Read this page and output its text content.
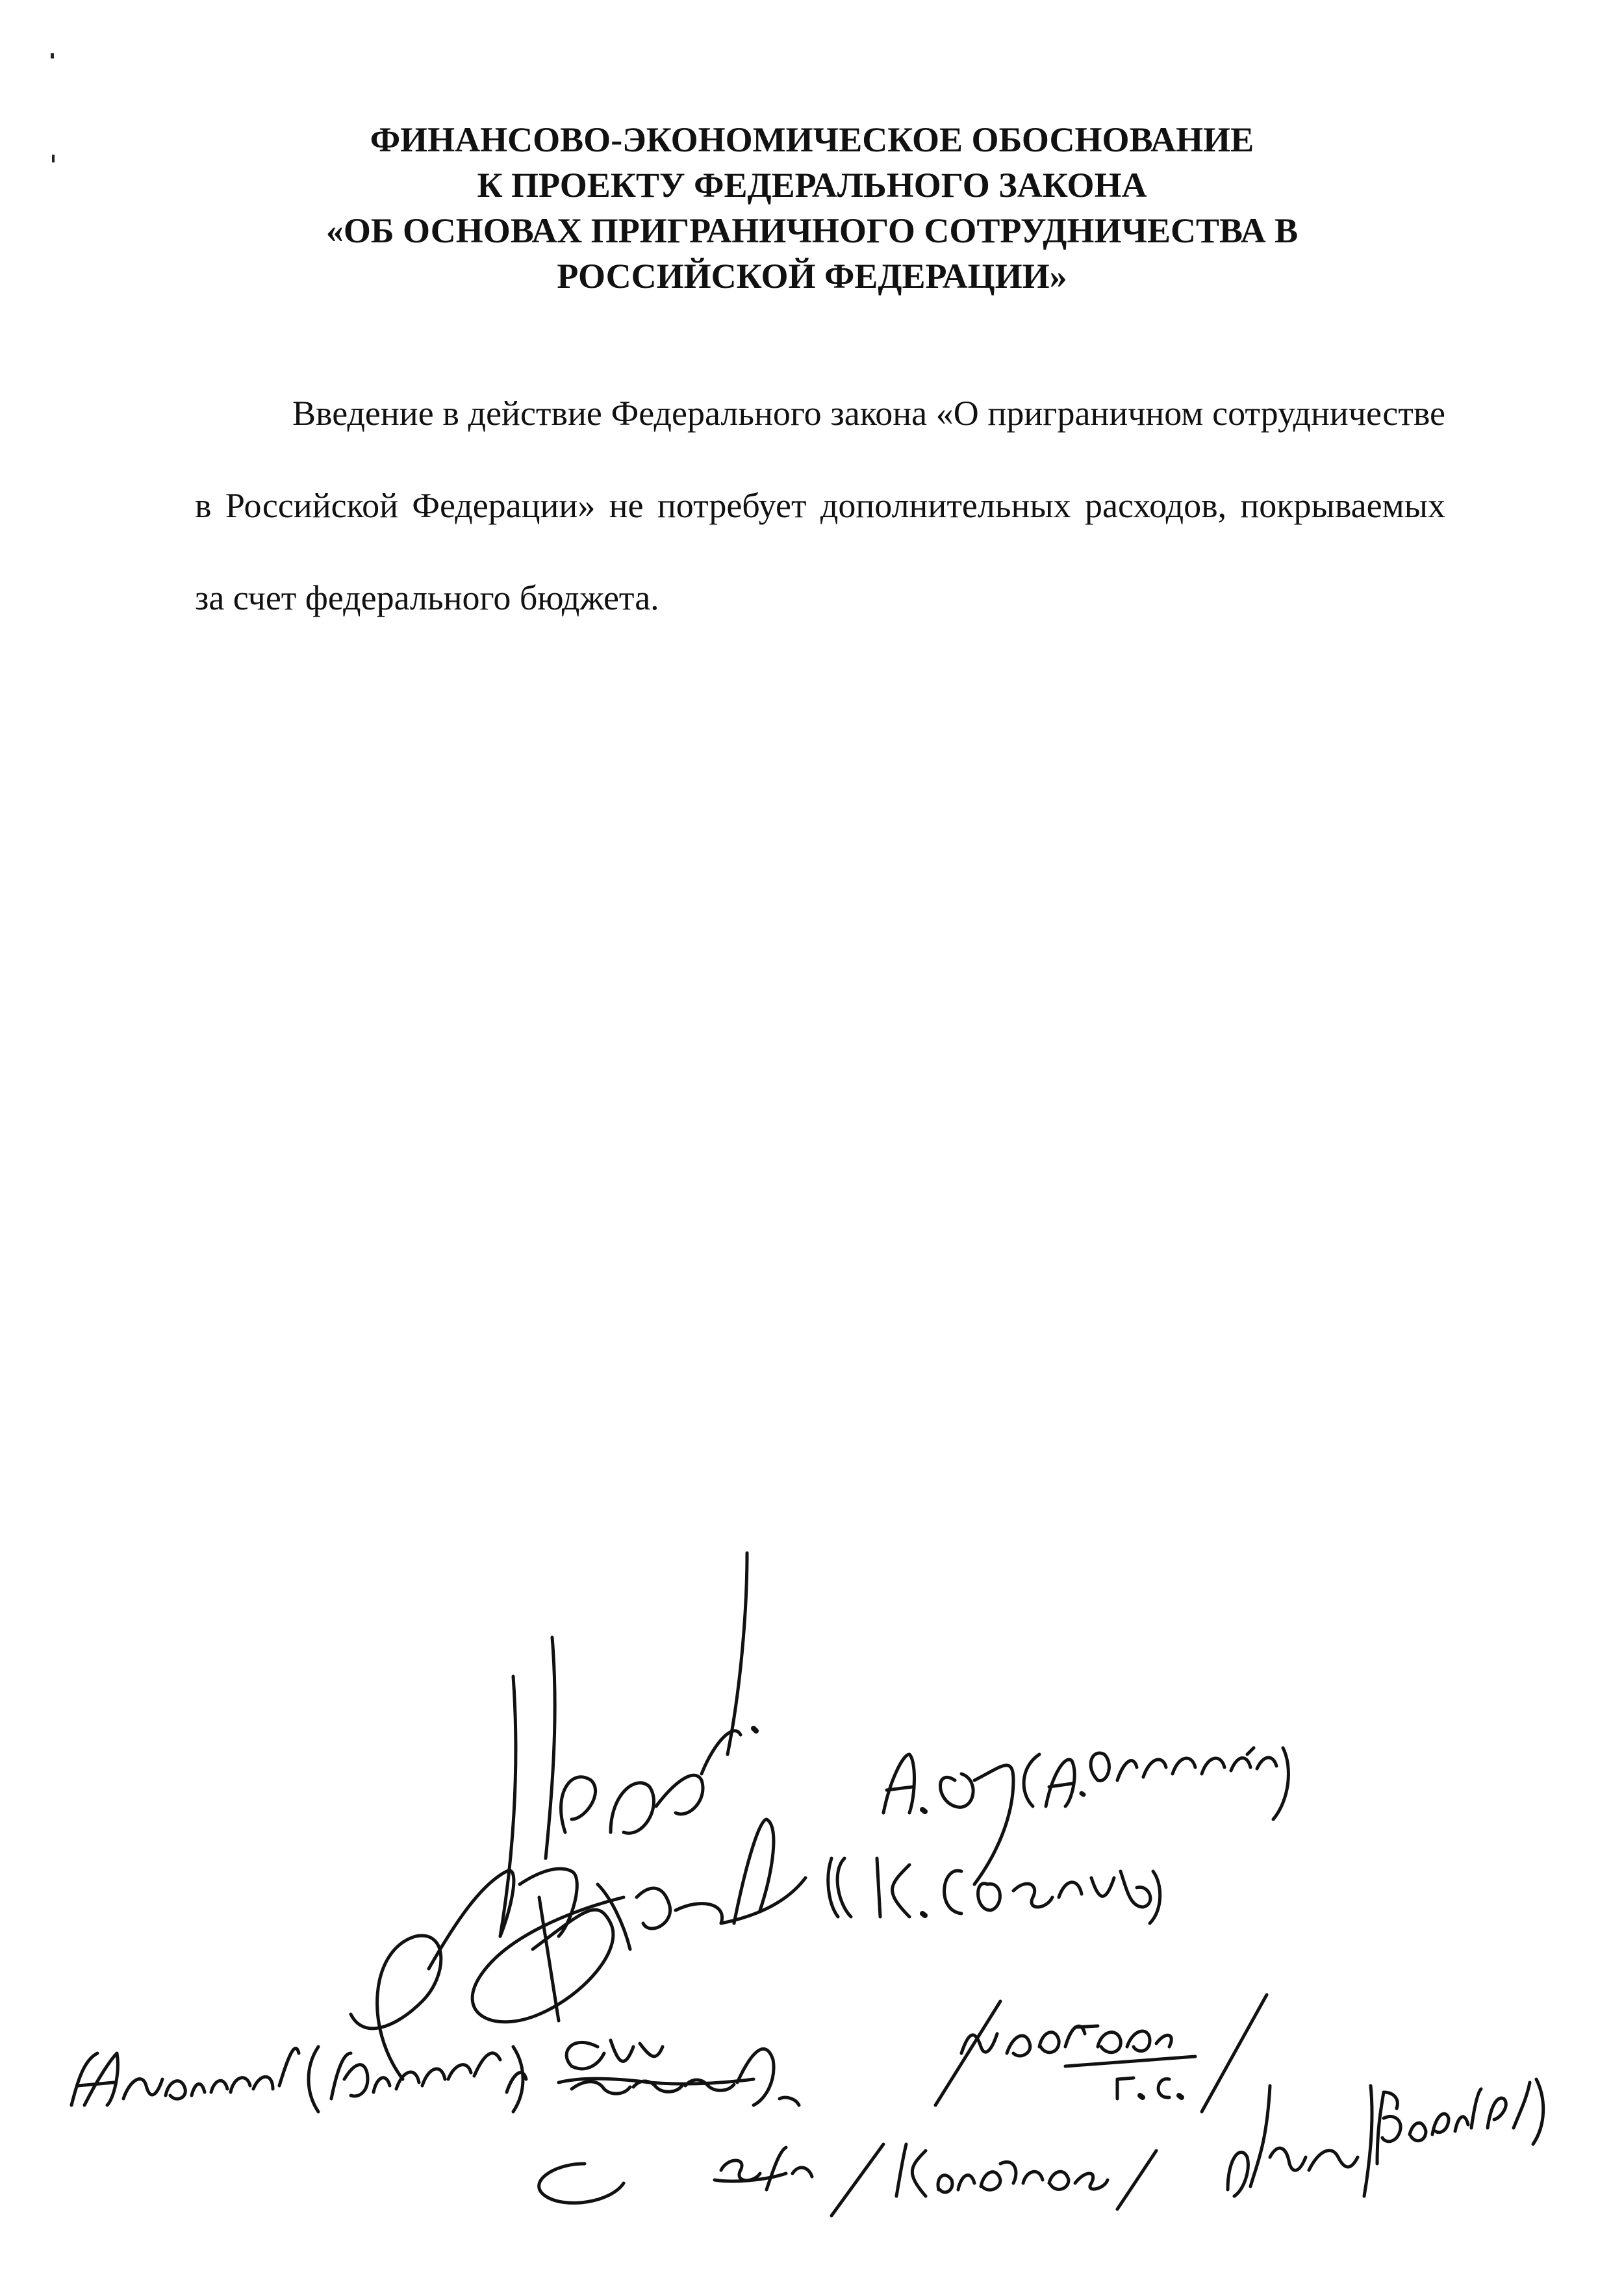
ФИНАНСОВО-ЭКОНОМИЧЕСКОЕ ОБОСНОВАНИЕ
К ПРОЕКТУ ФЕДЕРАЛЬНОГО ЗАКОНА
«ОБ ОСНОВАХ ПРИГРАНИЧНОГО СОТРУДНИЧЕСТВА В
РОССИЙСКОЙ ФЕДЕРАЦИИ»
Введение в действие Федерального закона «О приграничном сотрудничестве в Российской Федерации» не потребует дополнительных расходов, покрываемых за счет федерального бюджета.
